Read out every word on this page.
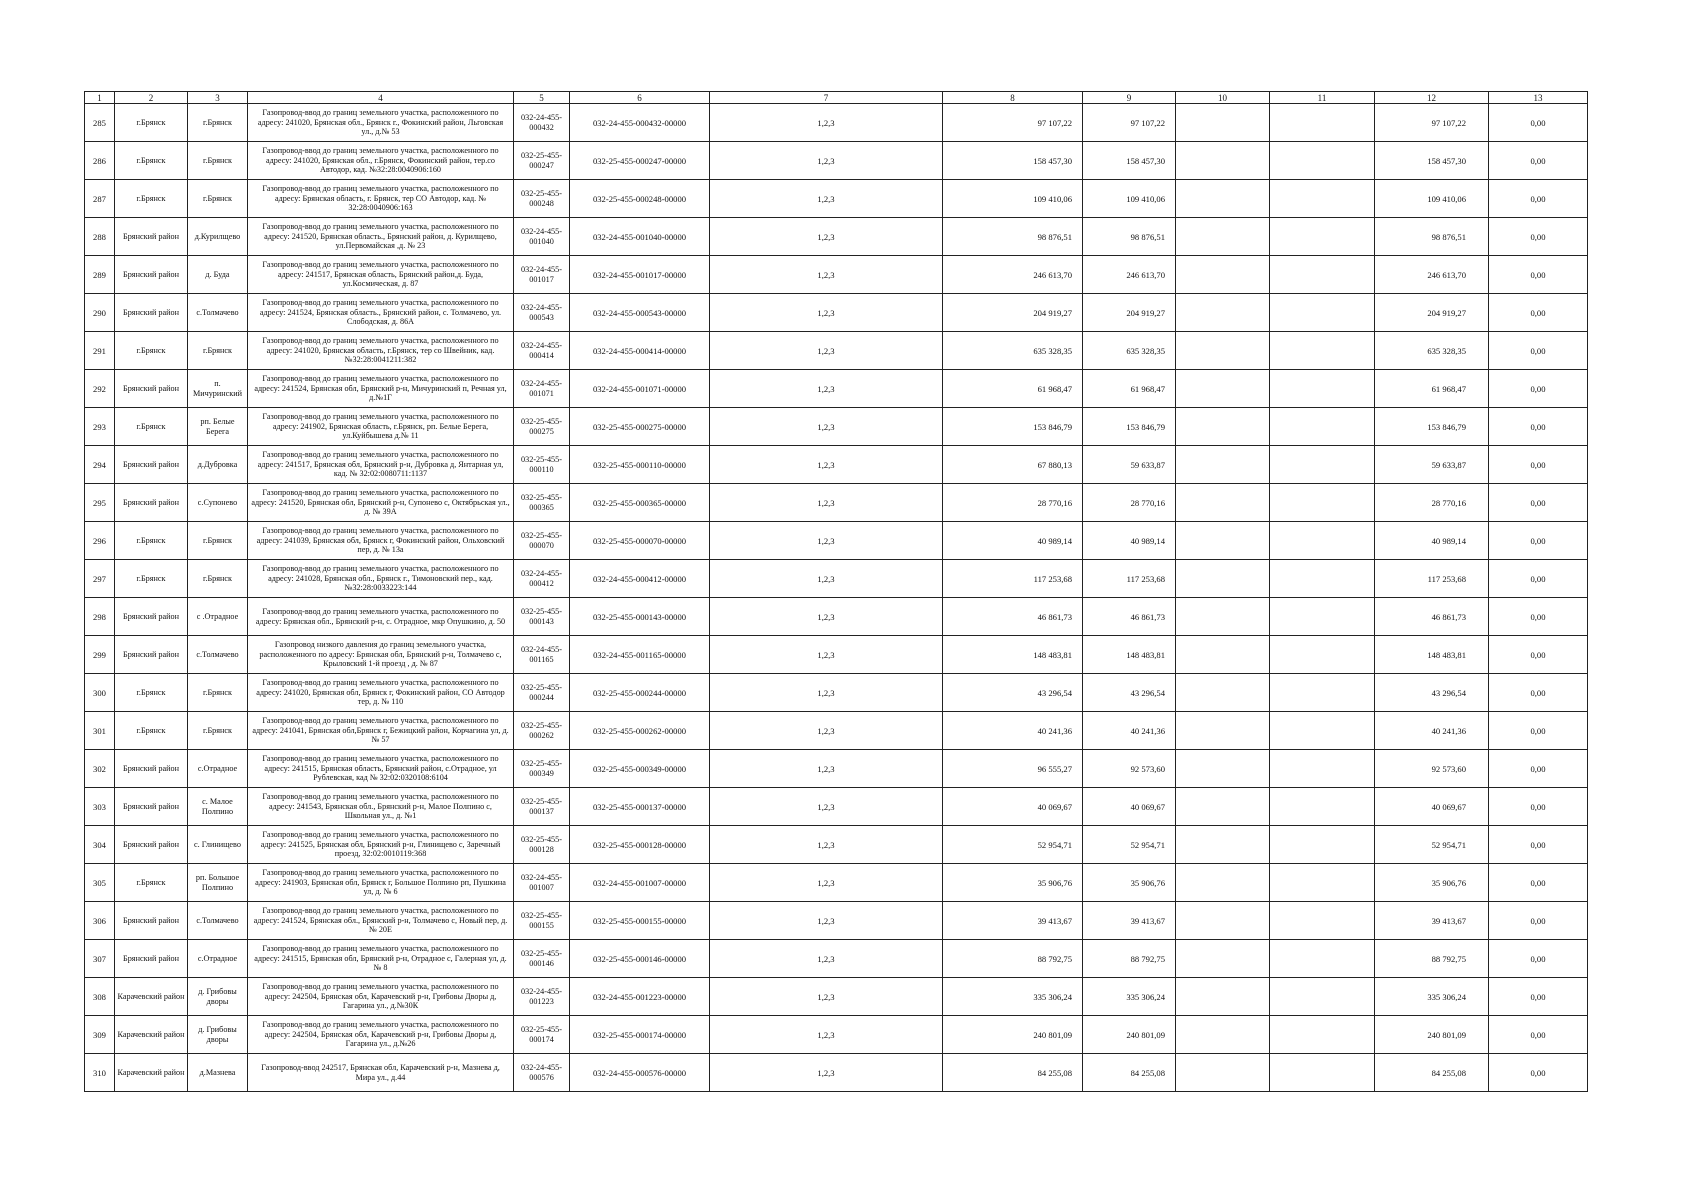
1	2	3	4	5	6	7	8	9	10	11	12	13
285	г.Брянск	г.Брянск	Газопровод-ввод до границ земельного участка, расположенного по адресу: 241020, Брянская обл., Брянск г., Фокинский район, Льговская ул., д.№ 53	032-24-455-000432	032-24-455-000432-00000	1,2,3	97 107,22	97 107,22			97 107,22	0,00
286	г.Брянск	г.Брянск	Газопровод-ввод до границ земельного участка, расположенного по адресу: 241020, Брянская обл., г.Брянск, Фокинский район, тер.со Автодор, кад. №32:28:0040906:160	032-25-455-000247	032-25-455-000247-00000	1,2,3	158 457,30	158 457,30			158 457,30	0,00
287	г.Брянск	г.Брянск	Газопровод-ввод до границ земельного участка, расположенного по адресу: Брянская область, г. Брянск, тер СО Автодор, кад. № 32:28:0040906:163	032-25-455-000248	032-25-455-000248-00000	1,2,3	109 410,06	109 410,06			109 410,06	0,00
288	Брянский район	д.Курилщево	Газопровод-ввод до границ земельного участка, расположенного по адресу: 241520, Брянская область., Брянский район, д. Курилщево, ул.Первомайская ,д. № 23	032-24-455-001040	032-24-455-001040-00000	1,2,3	98 876,51	98 876,51			98 876,51	0,00
289	Брянский район	д. Буда	Газопровод-ввод до границ земельного участка, расположенного по адресу: 241517, Брянская область, Брянский район,д. Буда, ул.Космическая, д. 87	032-24-455-001017	032-24-455-001017-00000	1,2,3	246 613,70	246 613,70			246 613,70	0,00
290	Брянский район	с.Толмачево	Газопровод-ввод до границ земельного участка, расположенного по адресу: 241524, Брянская область., Брянский район, с. Толмачево, ул. Слободская, д. 86А	032-24-455-000543	032-24-455-000543-00000	1,2,3	204 919,27	204 919,27			204 919,27	0,00
291	г.Брянск	г.Брянск	Газопровод-ввод до границ земельного участка, расположенного по адресу: 241020, Брянская область, г.Брянск, тер со Швейник, кад. №32:28:0041211:382	032-24-455-000414	032-24-455-000414-00000	1,2,3	635 328,35	635 328,35			635 328,35	0,00
292	Брянский район	п. Мичуринский	Газопровод-ввод до границ земельного участка, расположенного по адресу: 241524, Брянская обл, Брянский р-н, Мичуринский п, Речная ул, д.№1Г	032-24-455-001071	032-24-455-001071-00000	1,2,3	61 968,47	61 968,47			61 968,47	0,00
293	г.Брянск	рп. Белые Берега	Газопровод-ввод до границ земельного участка, расположенного по адресу: 241902, Брянская область, г.Брянск, рп. Белые Берега, ул.Куйбышева д.№ 11	032-25-455-000275	032-25-455-000275-00000	1,2,3	153 846,79	153 846,79			153 846,79	0,00
294	Брянский район	д.Дубровка	Газопровод-ввод до границ земельного участка, расположенного по адресу: 241517, Брянская обл, Брянский р-н, Дубровка д, Янтарная ул, кад. № 32:02:0080711:1137	032-25-455-000110	032-25-455-000110-00000	1,2,3	67 880,13	59 633,87			59 633,87	0,00
295	Брянский район	с.Супонево	Газопровод-ввод до границ земельного участка, расположенного по адресу: 241520, Брянская обл, Брянский р-н, Супонево с, Октябрьская ул., д. № 39А	032-25-455-000365	032-25-455-000365-00000	1,2,3	28 770,16	28 770,16			28 770,16	0,00
296	г.Брянск	г.Брянск	Газопровод-ввод до границ земельного участка, расположенного по адресу: 241039, Брянская обл, Брянск г, Фокинский район, Ольховский пер, д. № 13а	032-25-455-000070	032-25-455-000070-00000	1,2,3	40 989,14	40 989,14			40 989,14	0,00
297	г.Брянск	г.Брянск	Газопровод-ввод до границ земельного участка, расположенного по адресу: 241028, Брянская обл., Брянск г., Тимоновский пер., кад. №32:28:0033223:144	032-24-455-000412	032-24-455-000412-00000	1,2,3	117 253,68	117 253,68			117 253,68	0,00
298	Брянский район	с .Отрадное	Газопровод-ввод до границ земельного участка, расположенного по адресу: Брянская обл., Брянский р-н, с. Отрадное, мкр Опушкино, д. 50	032-25-455-000143	032-25-455-000143-00000	1,2,3	46 861,73	46 861,73			46 861,73	0,00
299	Брянский район	с.Толмачево	Газопровод низкого давления до границ земельного участка, расположенного по адресу: Брянская обл, Брянский р-н, Толмачево с, Крыловский 1-й проезд , д. № 87	032-24-455-001165	032-24-455-001165-00000	1,2,3	148 483,81	148 483,81			148 483,81	0,00
300	г.Брянск	г.Брянск	Газопровод-ввод до границ земельного участка, расположенного по адресу: 241020, Брянская обл, Брянск г, Фокинский район, СО Автодор тер, д. № 110	032-25-455-000244	032-25-455-000244-00000	1,2,3	43 296,54	43 296,54			43 296,54	0,00
301	г.Брянск	г.Брянск	Газопровод-ввод до границ земельного участка, расположенного по адресу: 241041, Брянская обл,Брянск г, Бежицкий район, Корчагина ул, д.№ 57	032-25-455-000262	032-25-455-000262-00000	1,2,3	40 241,36	40 241,36			40 241,36	0,00
302	Брянский район	с.Отрадное	Газопровод-ввод до границ земельного участка, расположенного по адресу: 241515, Брянская область, Брянский район, с.Отрадное, ул Рублевская, кад № 32:02:0320108:6104	032-25-455-000349	032-25-455-000349-00000	1,2,3	96 555,27	92 573,60			92 573,60	0,00
303	Брянский район	с. Малое Полпино	Газопровод-ввод до границ земельного участка, расположенного по адресу: 241543, Брянская обл., Брянский р-н, Малое Полпино с, Школьная ул., д. №1	032-25-455-000137	032-25-455-000137-00000	1,2,3	40 069,67	40 069,67			40 069,67	0,00
304	Брянский район	с. Глинищево	Газопровод-ввод до границ земельного участка, расположенного по адресу: 241525, Брянская обл, Брянский р-н, Глинищево с, Заречный проезд, 32:02:0010119:368	032-25-455-000128	032-25-455-000128-00000	1,2,3	52 954,71	52 954,71			52 954,71	0,00
305	г.Брянск	рп. Большое Полпино	Газопровод-ввод до границ земельного участка, расположенного по адресу: 241903, Брянская обл, Брянск г, Большое Полпино рп, Пушкина ул, д. № 6	032-24-455-001007	032-24-455-001007-00000	1,2,3	35 906,76	35 906,76			35 906,76	0,00
306	Брянский район	с.Толмачево	Газопровод-ввод до границ земельного участка, расположенного по адресу: 241524, Брянская обл., Брянский р-н, Толмачево с, Новый пер, д. № 20Е	032-25-455-000155	032-25-455-000155-00000	1,2,3	39 413,67	39 413,67			39 413,67	0,00
307	Брянский район	с.Отрадное	Газопровод-ввод до границ земельного участка, расположенного по адресу: 241515, Брянская обл, Брянский р-н, Отрадное с, Галерная ул, д.№ 8	032-25-455-000146	032-25-455-000146-00000	1,2,3	88 792,75	88 792,75			88 792,75	0,00
308	Карачевский район	д. Грибовы дворы	Газопровод-ввод до границ земельного участка, расположенного по адресу: 242504, Брянская обл, Карачевский р-н, Грибовы Дворы д, Гагарина ул., д.№30К	032-24-455-001223	032-24-455-001223-00000	1,2,3	335 306,24	335 306,24			335 306,24	0,00
309	Карачевский район	д. Грибовы дворы	Газопровод-ввод до границ земельного участка, расположенного по адресу: 242504, Брянская обл, Карачевский р-н, Грибовы Дворы д, Гагарина ул., д.№26	032-25-455-000174	032-25-455-000174-00000	1,2,3	240 801,09	240 801,09			240 801,09	0,00
310	Карачевский район	д.Мазнева	Газопровод-ввод 242517, Брянская обл, Карачевский р-н, Мазнева д, Мира ул., д.44	032-24-455-000576	032-24-455-000576-00000	1,2,3	84 255,08	84 255,08			84 255,08	0,00
